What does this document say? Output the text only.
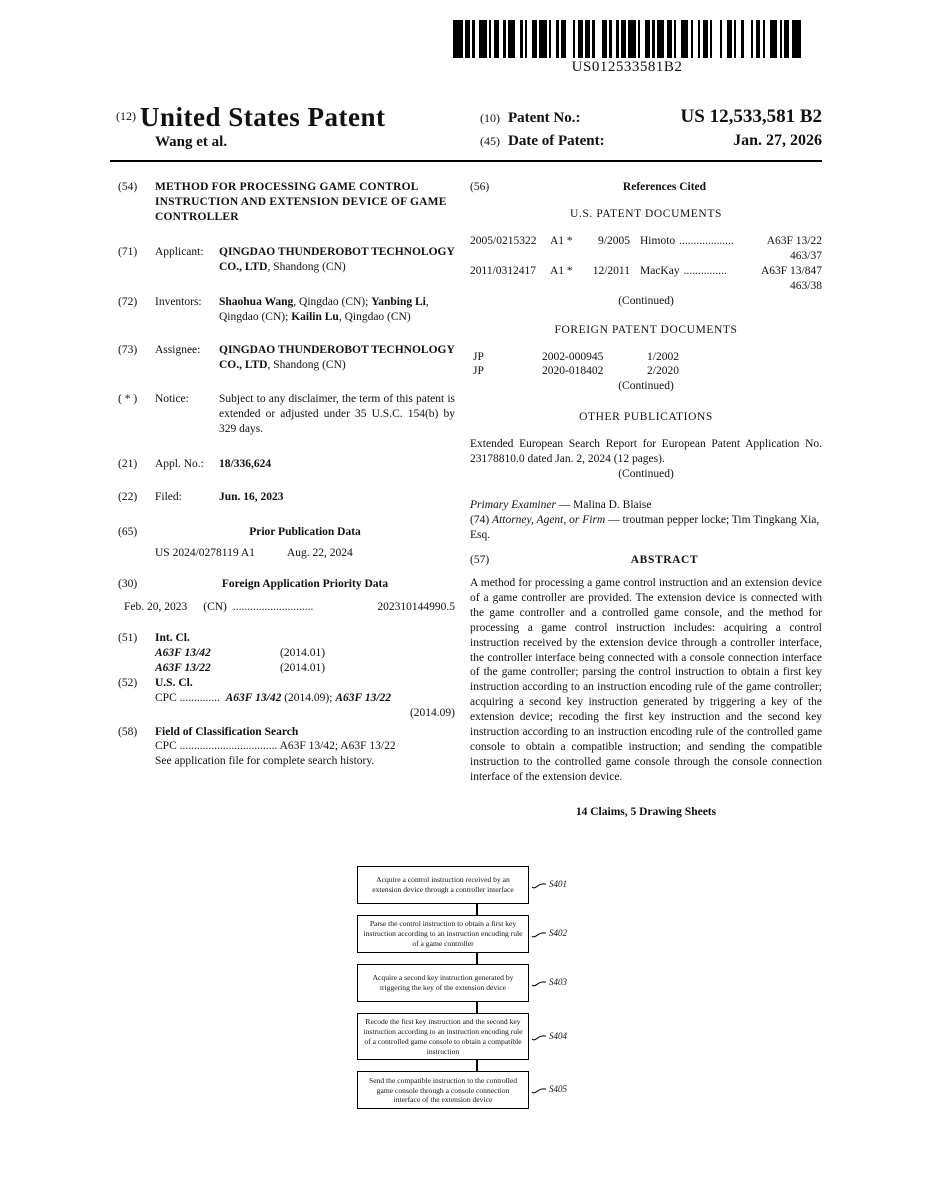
US012533581B2
$^{(12)}$ United States Patent
Wang et al.
(10) Patent No.:	US 12,533,581 B2
(45) Date of Patent:	Jan. 27, 2026
(54)	METHOD FOR PROCESSING GAME CONTROL INSTRUCTION AND EXTENSION DEVICE OF GAME CONTROLLER
(71)	Applicant:	QINGDAO THUNDEROBOT TECHNOLOGY CO., LTD, Shandong (CN)
(72)	Inventors:	Shaohua Wang, Qingdao (CN); Yanbing Li, Qingdao (CN); Kailin Lu, Qingdao (CN)
(73)	Assignee:	QINGDAO THUNDEROBOT TECHNOLOGY CO., LTD, Shandong (CN)
( * )	Notice:	Subject to any disclaimer, the term of this patent is extended or adjusted under 35 U.S.C. 154(b) by 329 days.
(21)	Appl. No.:	18/336,624
(22)	Filed:	Jun. 16, 2023
(65)	Prior Publication Data
US 2024/0278119 A1	Aug. 22, 2024
(30)	Foreign Application Priority Data
Feb. 20, 2023 (CN) ............................	202310144990.5
(51)	Int. Cl.
A63F 13/42	(2014.01)
A63F 13/22	(2014.01)
(52)	U.S. Cl.
CPC .............. A63F 13/42 (2014.09); A63F 13/22
(2014.09)
(58)	Field of Classification Search
CPC .................................. A63F 13/42; A63F 13/22
See application file for complete search history.
(56)	References Cited
U.S. PATENT DOCUMENTS
2005/0215322	A1 *	9/2005 Himoto ...................	A63F 13/22
463/37
2011/0312417	A1 *	12/2011 MacKay ...............	A63F 13/847
463/38
(Continued)
FOREIGN PATENT DOCUMENTS
JP	2002-000945	1/2002
JP	2020-018402	2/2020
(Continued)
OTHER PUBLICATIONS
Extended European Search Report for European Patent Application No. 23178810.0 dated Jan. 2, 2024 (12 pages).
(Continued)
Primary Examiner — Malina D. Blaise
(74) Attorney, Agent, or Firm — troutman pepper locke; Tim Tingkang Xia, Esq.
(57)	ABSTRACT
A method for processing a game control instruction and an extension device of a game controller are provided. The extension device is connected with the game controller and a controlled game console, and the method for processing a game control instruction includes: acquiring a control instruction received by the extension device through a controller interface, the controller interface being connected with a console connection interface of the game controller; parsing the control instruction to obtain a first key instruction according to an instruction encoding rule of the game controller; acquiring a second key instruction generated by triggering a key of the extension device; recoding the first key instruction and the second key instruction according to an instruction encoding rule of the controlled game console to obtain a compatible instruction; and sending the compatible instruction to the controlled game console through the console connection interface of the extension device.
14 Claims, 5 Drawing Sheets
Acquire a control instruction received by an extension device through a controller interface
S401
Parse the control instruction to obtain a first key instruction according to an instruction encoding rule of a game controller
S402
Acquire a second key instruction generated by triggering the key of the extension device
S403
Recode the first key instruction and the second key instruction according to an instruction encoding rule of a controlled game console to obtain a compatible instruction
S404
Send the compatible instruction to the controlled game console through a console connection interface of the extension device
S405
